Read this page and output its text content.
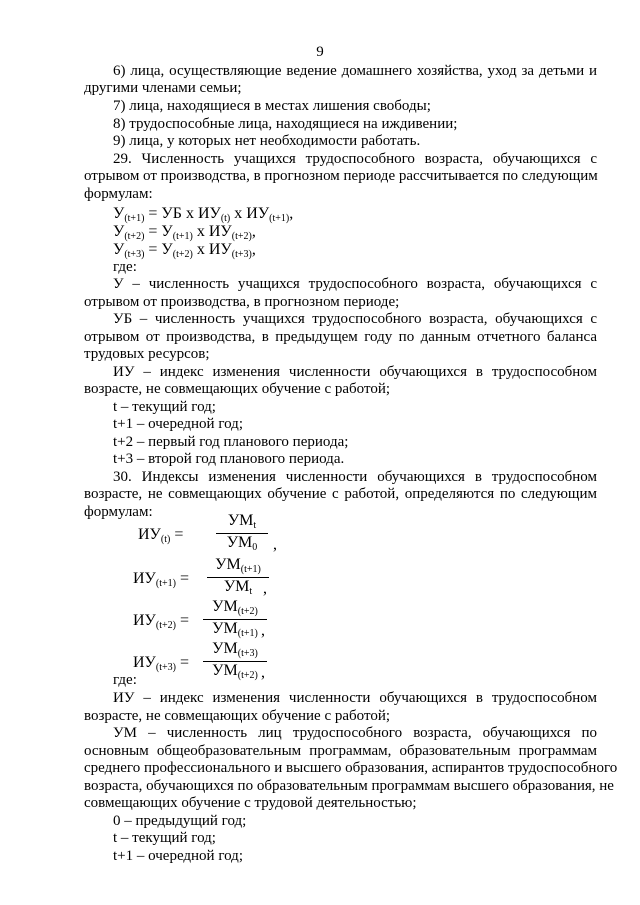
9
6) лица, осуществляющие ведение домашнего хозяйства, уход за детьми и
другими членами семьи;
7) лица, находящиеся в местах лишения свободы;
8) трудоспособные лица, находящиеся на иждивении;
9) лица, у которых нет необходимости работать.
29. Численность учащихся трудоспособного возраста, обучающихся с
отрывом от производства, в прогнозном периоде рассчитывается по следующим
формулам:
$У_{(t+1)}$ = УБ х $ИУ_{(t)}$ х $ИУ_{(t+1)}$,
$У_{(t+2)} = У_{(t+1)}$ х $ИУ_{(t+2)}$,
$У_{(t+3)} = У_{(t+2)}$ х $ИУ_{(t+3)}$,
где:
У – численность учащихся трудоспособного возраста, обучающихся с
отрывом от производства, в прогнозном периоде;
УБ – численность учащихся трудоспособного возраста, обучающихся с
отрывом от производства, в предыдущем году по данным отчетного баланса
трудовых ресурсов;
ИУ – индекс изменения численности обучающихся в трудоспособном
возрасте, не совмещающих обучение с работой;
t – текущий год;
t+1 – очередной год;
t+2 – первый год планового периода;
t+3 – второй год планового периода.
30. Индексы изменения численности обучающихся в трудоспособном
возрасте, не совмещающих обучение с работой, определяются по следующим
формулам:
$ИУ_{(t)}$ =
$УМ_t$
$УМ_0$ ,
$ИУ_{(t+1)}$ =
$УМ_{(t+1)}$
$УМ_t$ ,
$ИУ_{(t+2)}$ =
$УМ_{(t+2)}$
$УМ_{(t+1)}$ ,
$ИУ_{(t+3)}$ =
$УМ_{(t+3)}$
$УМ_{(t+2)}$ ,
где:
ИУ – индекс изменения численности обучающихся в трудоспособном
возрасте, не совмещающих обучение с работой;
УМ – численность лиц трудоспособного возраста, обучающихся по
основным общеобразовательным программам, образовательным программам
среднего профессионального и высшего образования, аспирантов трудоспособного
возраста, обучающихся по образовательным программам высшего образования, не
совмещающих обучение с трудовой деятельностью;
0 – предыдущий год;
t – текущий год;
t+1 – очередной год;
